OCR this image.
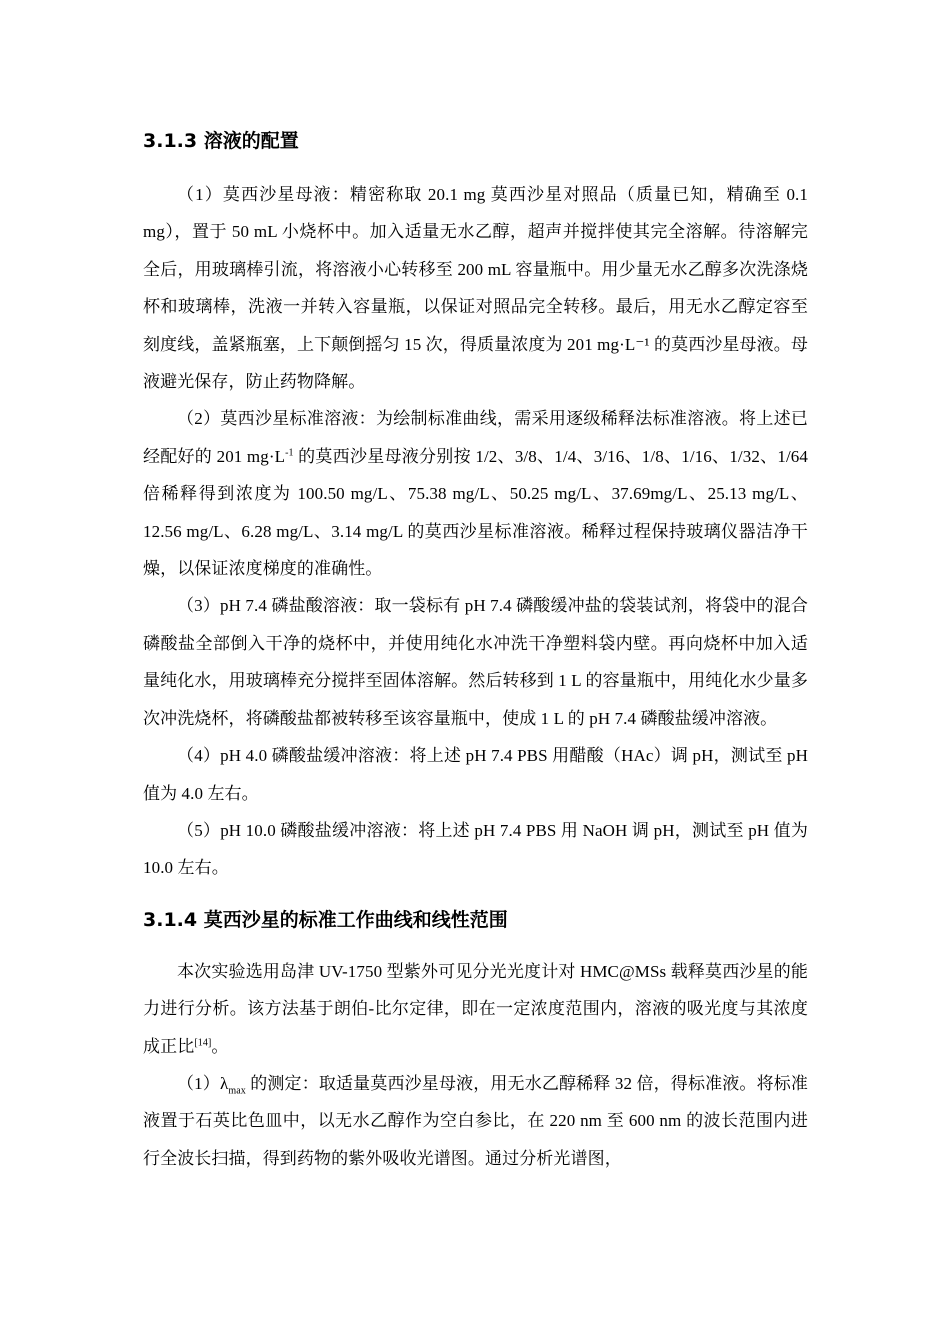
3.1.3 溶液的配置

（1）莫西沙星母液：精密称取 20.1 mg 莫西沙星对照品（质量已知，精确至 0.1 mg），置于 50 mL 小烧杯中。加入适量无水乙醇，超声并搅拌使其完全溶解。待溶解完全后，用玻璃棒引流，将溶液小心转移至 200 mL 容量瓶中。用少量无水乙醇多次洗涤烧杯和玻璃棒，洗液一并转入容量瓶，以保证对照品完全转移。最后，用无水乙醇定容至刻度线，盖紧瓶塞，上下颠倒摇匀 15 次，得质量浓度为 201 mg·L⁻¹ 的莫西沙星母液。母液避光保存，防止药物降解。

（2）莫西沙星标准溶液：为绘制标准曲线，需采用逐级稀释法标准溶液。将上述已经配好的 201 $mg\cdot L^{-1}$ 的莫西沙星母液分别按 1/2、3/8、1/4、3/16、1/8、1/16、1/32、1/64 倍稀释得到浓度为 100.50 mg/L、75.38 mg/L、50.25 mg/L、37.69mg/L、25.13 mg/L、12.56 mg/L、6.28 mg/L、3.14 mg/L 的莫西沙星标准溶液。稀释过程保持玻璃仪器洁净干燥，以保证浓度梯度的准确性。

（3）pH 7.4 磷盐酸溶液：取一袋标有 pH 7.4 磷酸缓冲盐的袋装试剂，将袋中的混合磷酸盐全部倒入干净的烧杯中，并使用纯化水冲洗干净塑料袋内壁。再向烧杯中加入适量纯化水，用玻璃棒充分搅拌至固体溶解。然后转移到 1 L 的容量瓶中，用纯化水少量多次冲洗烧杯，将磷酸盐都被转移至该容量瓶中，使成 1 L 的 pH 7.4 磷酸盐缓冲溶液。

（4）pH 4.0 磷酸盐缓冲溶液：将上述 pH 7.4 PBS 用醋酸（HAc）调 pH，测试至 pH 值为 4.0 左右。

（5）pH 10.0 磷酸盐缓冲溶液：将上述 pH 7.4 PBS 用 NaOH 调 pH，测试至 pH 值为 10.0 左右。

3.1.4 莫西沙星的标准工作曲线和线性范围

本次实验选用岛津 UV-1750 型紫外可见分光光度计对 HMC@MSs 载释莫西沙星的能力进行分析。该方法基于朗伯-比尔定律，即在一定浓度范围内，溶液的吸光度与其浓度成正比[14]。

$(1)\lambda_{max}$ 的测定：取适量莫西沙星母液，用无水乙醇稀释 32 倍，得标准液。将标准液置于石英比色皿中，以无水乙醇作为空白参比，在 220 nm 至 600 nm 的波长范围内进行全波长扫描，得到药物的紫外吸收光谱图。通过分析光谱图，
